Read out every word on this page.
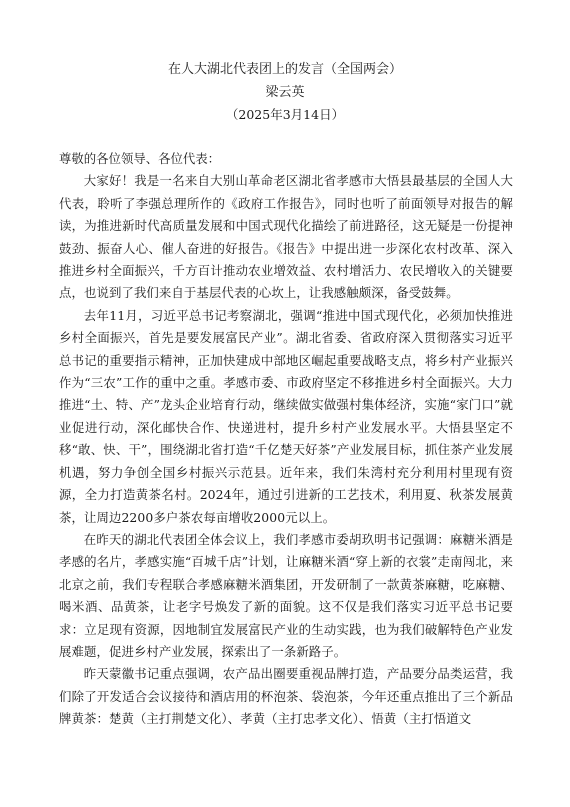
在人大湖北代表团上的发言（全国两会）
梁云英
（2025年3月14日）

尊敬的各位领导、各位代表：

大家好！我是一名来自大别山革命老区湖北省孝感市大悟县最基层的全国人大代表，聆听了李强总理所作的《政府工作报告》，同时也听了前面领导对报告的解读，为推进新时代高质量发展和中国式现代化描绘了前进路径，这无疑是一份提神鼓劲、振奋人心、催人奋进的好报告。《报告》中提出进一步深化农村改革、深入推进乡村全面振兴，千方百计推动农业增效益、农村增活力、农民增收入的关键要点，也说到了我们来自于基层代表的心坎上，让我感触颇深，备受鼓舞。

去年11月，习近平总书记考察湖北，强调“推进中国式现代化，必须加快推进乡村全面振兴，首先是要发展富民产业”。湖北省委、省政府深入贯彻落实习近平总书记的重要指示精神，正加快建成中部地区崛起重要战略支点，将乡村产业振兴作为“三农”工作的重中之重。孝感市委、市政府坚定不移推进乡村全面振兴。大力推进“土、特、产”龙头企业培育行动，继续做实做强村集体经济，实施“家门口”就业促进行动，深化邮快合作、快递进村，提升乡村产业发展水平。大悟县坚定不移“敢、快、干”，围绕湖北省打造“千亿楚天好茶”产业发展目标，抓住茶产业发展机遇，努力争创全国乡村振兴示范县。近年来，我们朱湾村充分利用村里现有资源，全力打造黄茶名村。2024年，通过引进新的工艺技术，利用夏、秋茶发展黄茶，让周边2200多户茶农每亩增收2000元以上。

在昨天的湖北代表团全体会议上，我们孝感市委胡玖明书记强调：麻糖米酒是孝感的名片，孝感实施“百城千店”计划，让麻糖米酒“穿上新的衣裳”走南闯北，来北京之前，我们专程联合孝感麻糖米酒集团，开发研制了一款黄茶麻糖，吃麻糖、喝米酒、品黄茶，让老字号焕发了新的面貌。这不仅是我们落实习近平总书记要求：立足现有资源，因地制宜发展富民产业的生动实践，也为我们破解特色产业发展难题，促进乡村产业发展，探索出了一条新路子。

昨天蒙徽书记重点强调，农产品出圈要重视品牌打造，产品要分品类运营，我们除了开发适合会议接待和酒店用的杯泡茶、袋泡茶，今年还重点推出了三个新品牌黄茶：楚黄（主打荆楚文化）、孝黄（主打忠孝文化）、悟黄（主打悟道文
